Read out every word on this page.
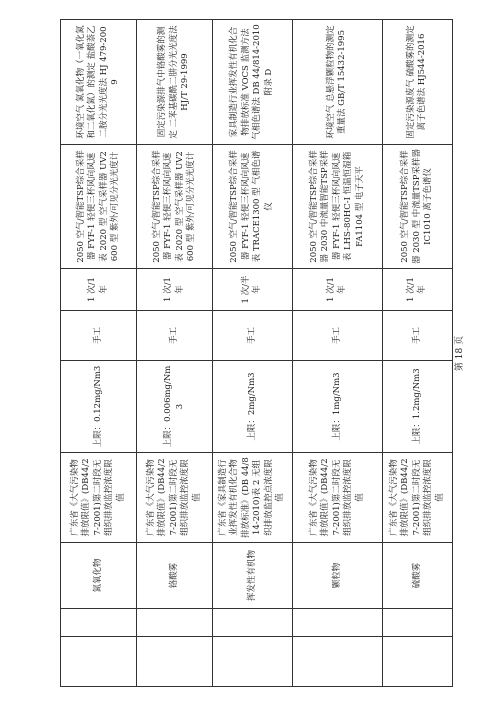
		氮氧化物	广东省《大气污染物排放限值》(DB44/27-2001)第二时段无组织排放监控浓度限值	上限：0.12mg/Nm3	手工	1 次/1年	2050 空气/智能TSP综合采样器 FYF-1 轻便三杯风向风速表 2020 型 空气采样器 UV2600 型 紫外/可见分光光度计	环境空气 氮氧化物（一氧化氮和二氧化氮）的测定 盐酸萘乙二胺分光光度法 HJ 479-2009
		铬酸雾	广东省《大气污染物排放限值》(DB44/27-2001)第二时段无组织排放监控浓度限值	上限：0.006mg/Nm3	手工	1 次/1年	2050 空气/智能TSP综合采样器 FYF-1 轻便三杯风向风速表 2020 型 空气采样器 UV2600 型 紫外/可见分光光度计	固定污染源排气中铬酸雾的测定 二苯基碳酰二肼分光光度法 HJ/T 29-1999
		挥发性有机物	广东省《家具制造行业挥发性有机化合物排放标准》(DB 44/814-2010)表 2 无组织排放监控点浓度限值	上限：2mg/Nm3	手工	1 次/半年	2050 空气/智能TSP综合采样器 FYF-1 轻便三杯风向风速表 TRACE1300 型 气相色谱仪	家具制造行业挥发性有机化合物排放标准 VOCS 监测方法 气相色谱法 DB 44/814-2010 附录 D
		颗粒物	广东省《大气污染物排放限值》(DB44/27-2001)第二时段无组织排放监控浓度限值	上限：1mg/Nm3	手工	1 次/1年	2050 空气/智能TSP综合采样器 2030 中流量智能TSP采样器 FYF-1 轻便三杯风向风速表 LHS-80HC-I 恒温恒湿箱 FA1104 型 电子天平	环境空气 总悬浮颗粒物的测定 重量法 GB/T 15432-1995
		硫酸雾	广东省《大气污染物排放限值》(DB44/27-2001)第二时段无组织排放监控浓度限值	上限：1.2mg/Nm3	手工	1 次/1年	2050 空气/智能TSP综合采样器 2030 型 中流量TSP采样器 IC1010 离子色谱仪	固定污染源废气 硫酸雾的测定 离子色谱法 HJ544-2016
第 18 页
